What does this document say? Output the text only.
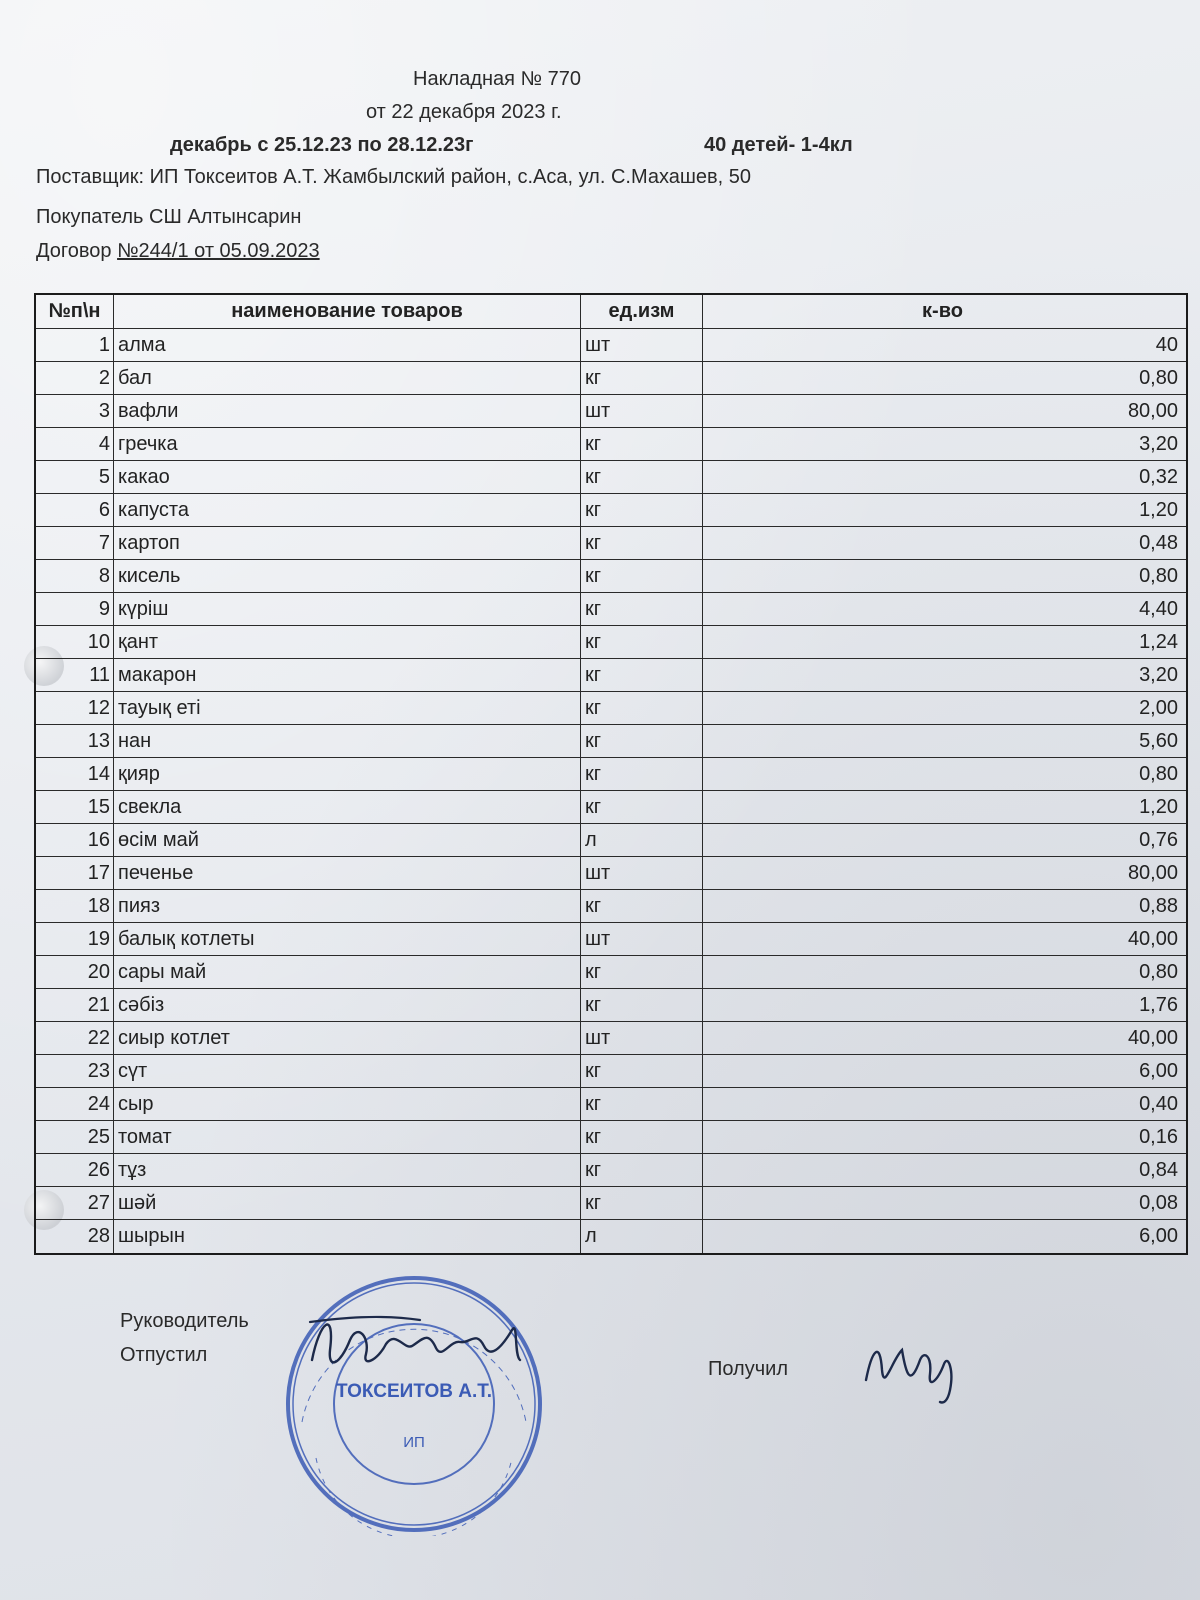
Накладная № 770
от 22 декабря 2023 г.
декабрь с 25.12.23 по 28.12.23г	40 детей- 1-4кл
Поставщик: ИП Токсеитов А.Т. Жамбылский район, с.Аса, ул. С.Махашев, 50
Покупатель СШ Алтынсарин
Договор №244/1 от 05.09.2023
№п\н	наименование товаров	ед.изм	к-во
1 алма	шт	40
2 бал	кг	0,80
3 вафли	шт	80,00
4 гречка	кг	3,20
5 какао	кг	0,32
6 капуста	кг	1,20
7 картоп	кг	0,48
8 кисель	кг	0,80
9 күріш	кг	4,40
10 қант	кг	1,24
11 макарон	кг	3,20
12 тауық еті	кг	2,00
13 нан	кг	5,60
14 қияр	кг	0,80
15 свекла	кг	1,20
16 өсім май	л	0,76
17 печенье	шт	80,00
18 пияз	кг	0,88
19 балық котлеты	шт	40,00
20 сары май	кг	0,80
21 сәбіз	кг	1,76
22 сиыр котлет	шт	40,00
23 сүт	кг	6,00
24 сыр	кг	0,40
25 томат	кг	0,16
26 тұз	кг	0,84
27 шәй	кг	0,08
28 шырын	л	6,00
Руководитель
Отпустил
Получил
ТОКСЕИТОВ А.Т.
ИП
